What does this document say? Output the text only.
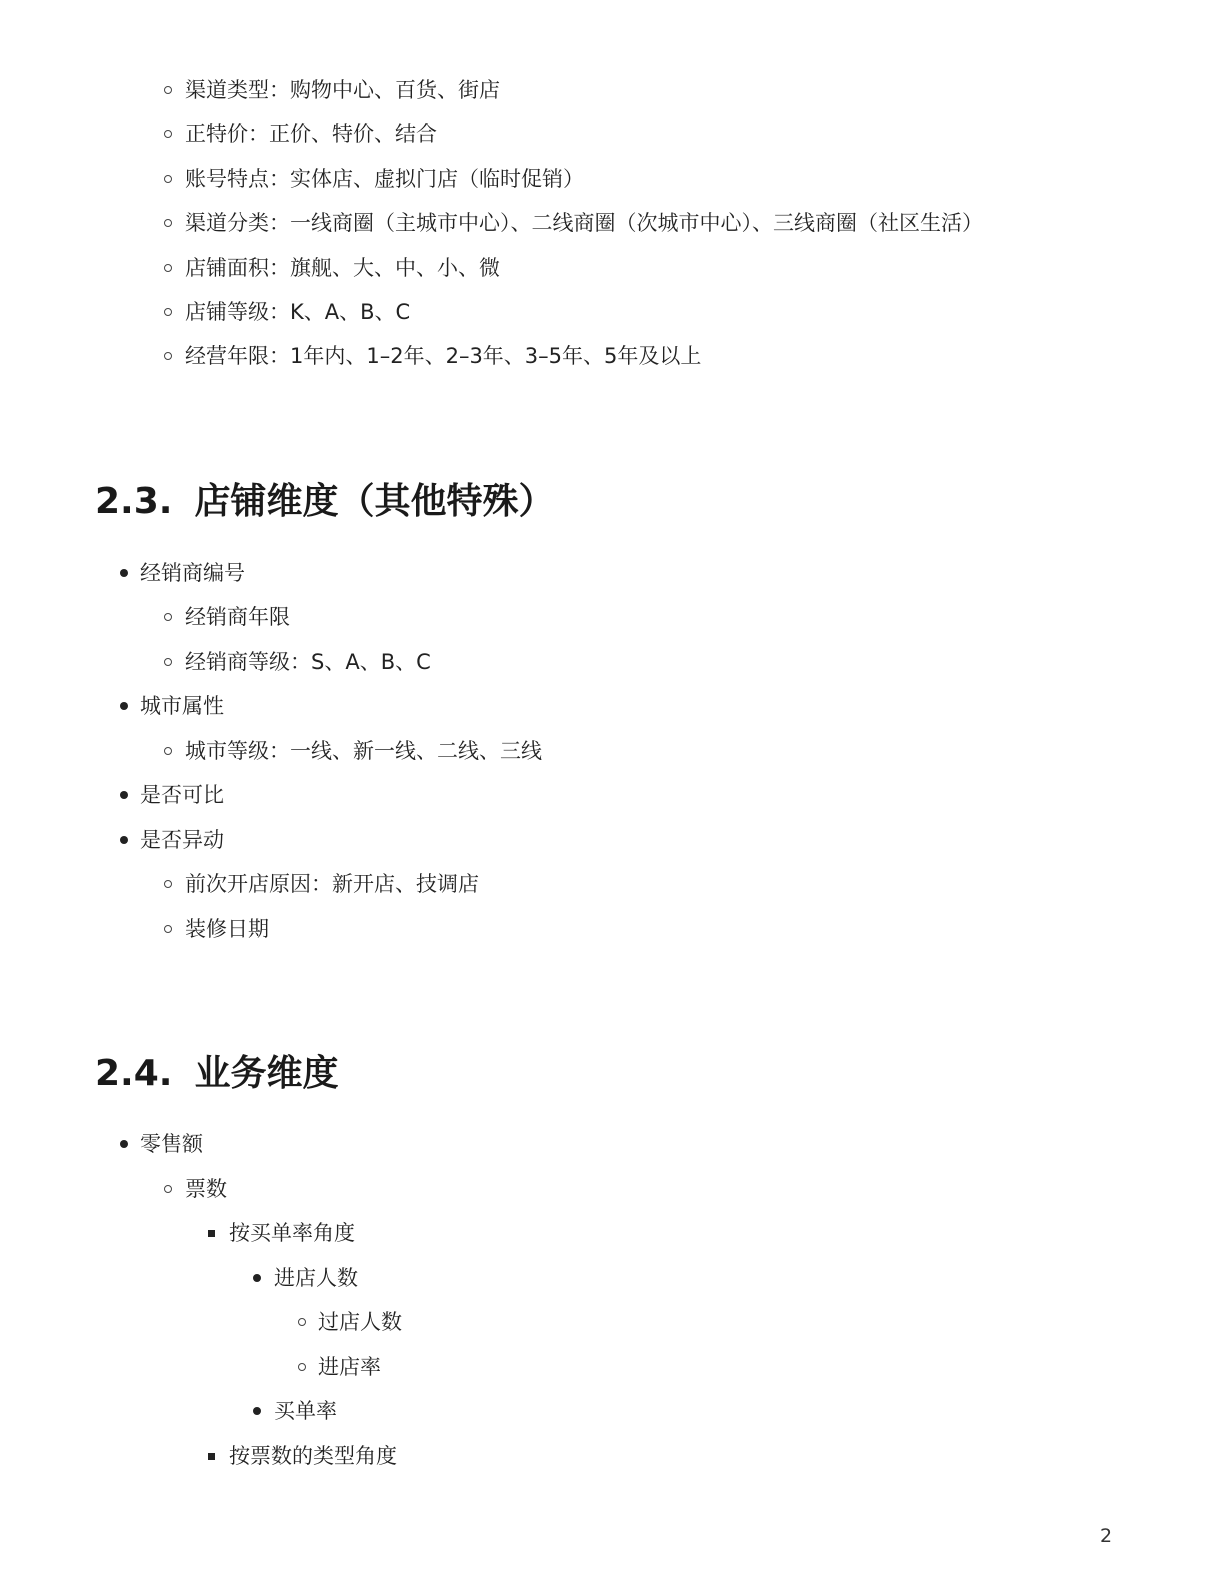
渠道类型：购物中心、百货、街店
正特价：正价、特价、结合
账号特点：实体店、虚拟门店（临时促销）
渠道分类：一线商圈（主城市中心）、二线商圈（次城市中心）、三线商圈（社区生活）
店铺面积：旗舰、大、中、小、微
店铺等级：K、A、B、C
经营年限：1年内、1–2年、2–3年、3–5年、5年及以上
2.3. 店铺维度（其他特殊）
经销商编号
经销商年限
经销商等级：S、A、B、C
城市属性
城市等级：一线、新一线、二线、三线
是否可比
是否异动
前次开店原因：新开店、技调店
装修日期
2.4. 业务维度
零售额
票数
按买单率角度
进店人数
过店人数
进店率
买单率
按票数的类型角度
2
